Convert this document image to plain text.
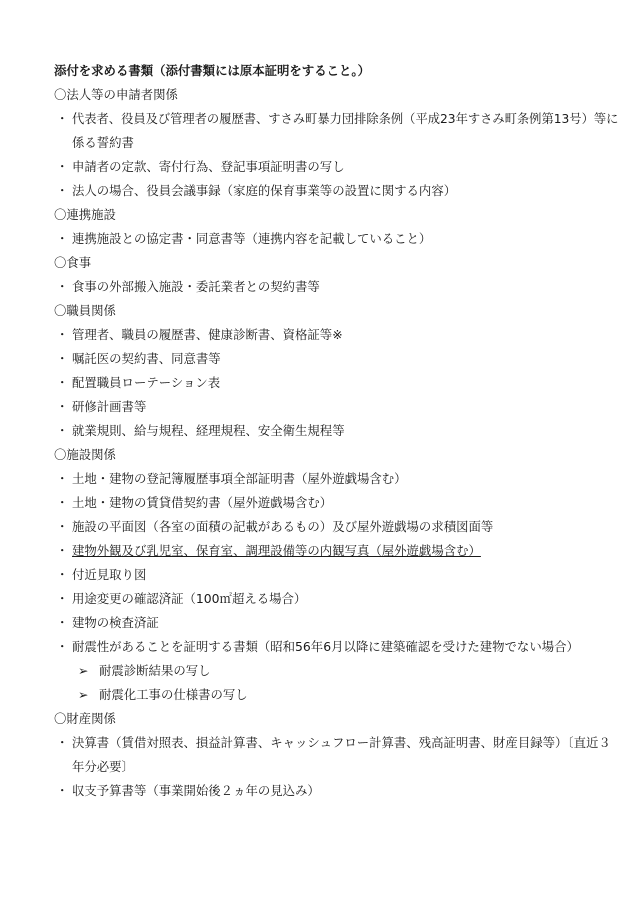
添付を求める書類（添付書類には原本証明をすること。）
〇法人等の申請者関係
・ 代表者、役員及び管理者の履歴書、すさみ町暴力団排除条例（平成23年すさみ町条例第13号）等に
係る誓約書
・ 申請者の定款、寄付行為、登記事項証明書の写し
・ 法人の場合、役員会議事録（家庭的保育事業等の設置に関する内容）
〇連携施設
・ 連携施設との協定書・同意書等（連携内容を記載していること）
〇食事
・ 食事の外部搬入施設・委託業者との契約書等
〇職員関係
・ 管理者、職員の履歴書、健康診断書、資格証等※
・ 嘱託医の契約書、同意書等
・ 配置職員ローテーション表
・ 研修計画書等
・ 就業規則、給与規程、経理規程、安全衛生規程等
〇施設関係
・ 土地・建物の登記簿履歴事項全部証明書（屋外遊戯場含む）
・ 土地・建物の賃貸借契約書（屋外遊戯場含む）
・ 施設の平面図（各室の面積の記載があるもの）及び屋外遊戯場の求積図面等
・ 建物外観及び乳児室、保育室、調理設備等の内観写真（屋外遊戯場含む）
・ 付近見取り図
・ 用途変更の確認済証（100㎡超える場合）
・ 建物の検査済証
・ 耐震性があることを証明する書類（昭和56年6月以降に建築確認を受けた建物でない場合）
➢ 耐震診断結果の写し
➢ 耐震化工事の仕様書の写し
〇財産関係
・ 決算書（賃借対照表、損益計算書、キャッシュフロー計算書、残高証明書、財産目録等）〔直近３
年分必要〕
・ 収支予算書等（事業開始後２ヵ年の見込み）
